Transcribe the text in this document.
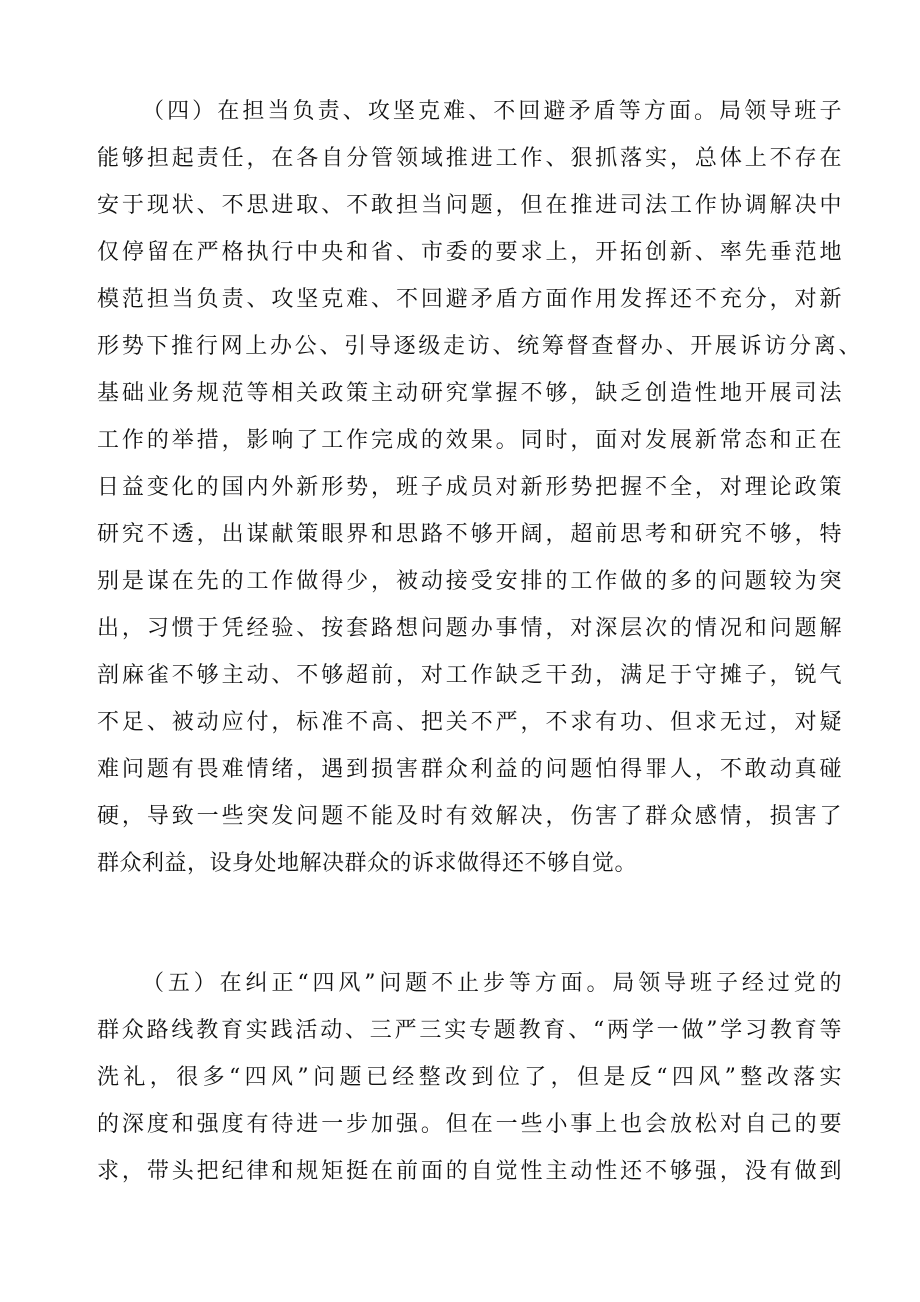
（四）在担当负责、攻坚克难、不回避矛盾等方面。局领导班子
能够担起责任，在各自分管领域推进工作、狠抓落实，总体上不存在
安于现状、不思进取、不敢担当问题，但在推进司法工作协调解决中
仅停留在严格执行中央和省、市委的要求上，开拓创新、率先垂范地
模范担当负责、攻坚克难、不回避矛盾方面作用发挥还不充分，对新
形势下推行网上办公、引导逐级走访、统筹督查督办、开展诉访分离、
基础业务规范等相关政策主动研究掌握不够，缺乏创造性地开展司法
工作的举措，影响了工作完成的效果。同时，面对发展新常态和正在
日益变化的国内外新形势，班子成员对新形势把握不全，对理论政策
研究不透，出谋献策眼界和思路不够开阔，超前思考和研究不够，特
别是谋在先的工作做得少，被动接受安排的工作做的多的问题较为突
出，习惯于凭经验、按套路想问题办事情，对深层次的情况和问题解
剖麻雀不够主动、不够超前，对工作缺乏干劲，满足于守摊子，锐气
不足、被动应付，标准不高、把关不严，不求有功、但求无过，对疑
难问题有畏难情绪，遇到损害群众利益的问题怕得罪人，不敢动真碰
硬，导致一些突发问题不能及时有效解决，伤害了群众感情，损害了
群众利益，设身处地解决群众的诉求做得还不够自觉。
（五）在纠正“四风”问题不止步等方面。局领导班子经过党的
群众路线教育实践活动、三严三实专题教育、“两学一做”学习教育等
洗礼，很多“四风”问题已经整改到位了，但是反“四风”整改落实
的深度和强度有待进一步加强。但在一些小事上也会放松对自己的要
求，带头把纪律和规矩挺在前面的自觉性主动性还不够强，没有做到
